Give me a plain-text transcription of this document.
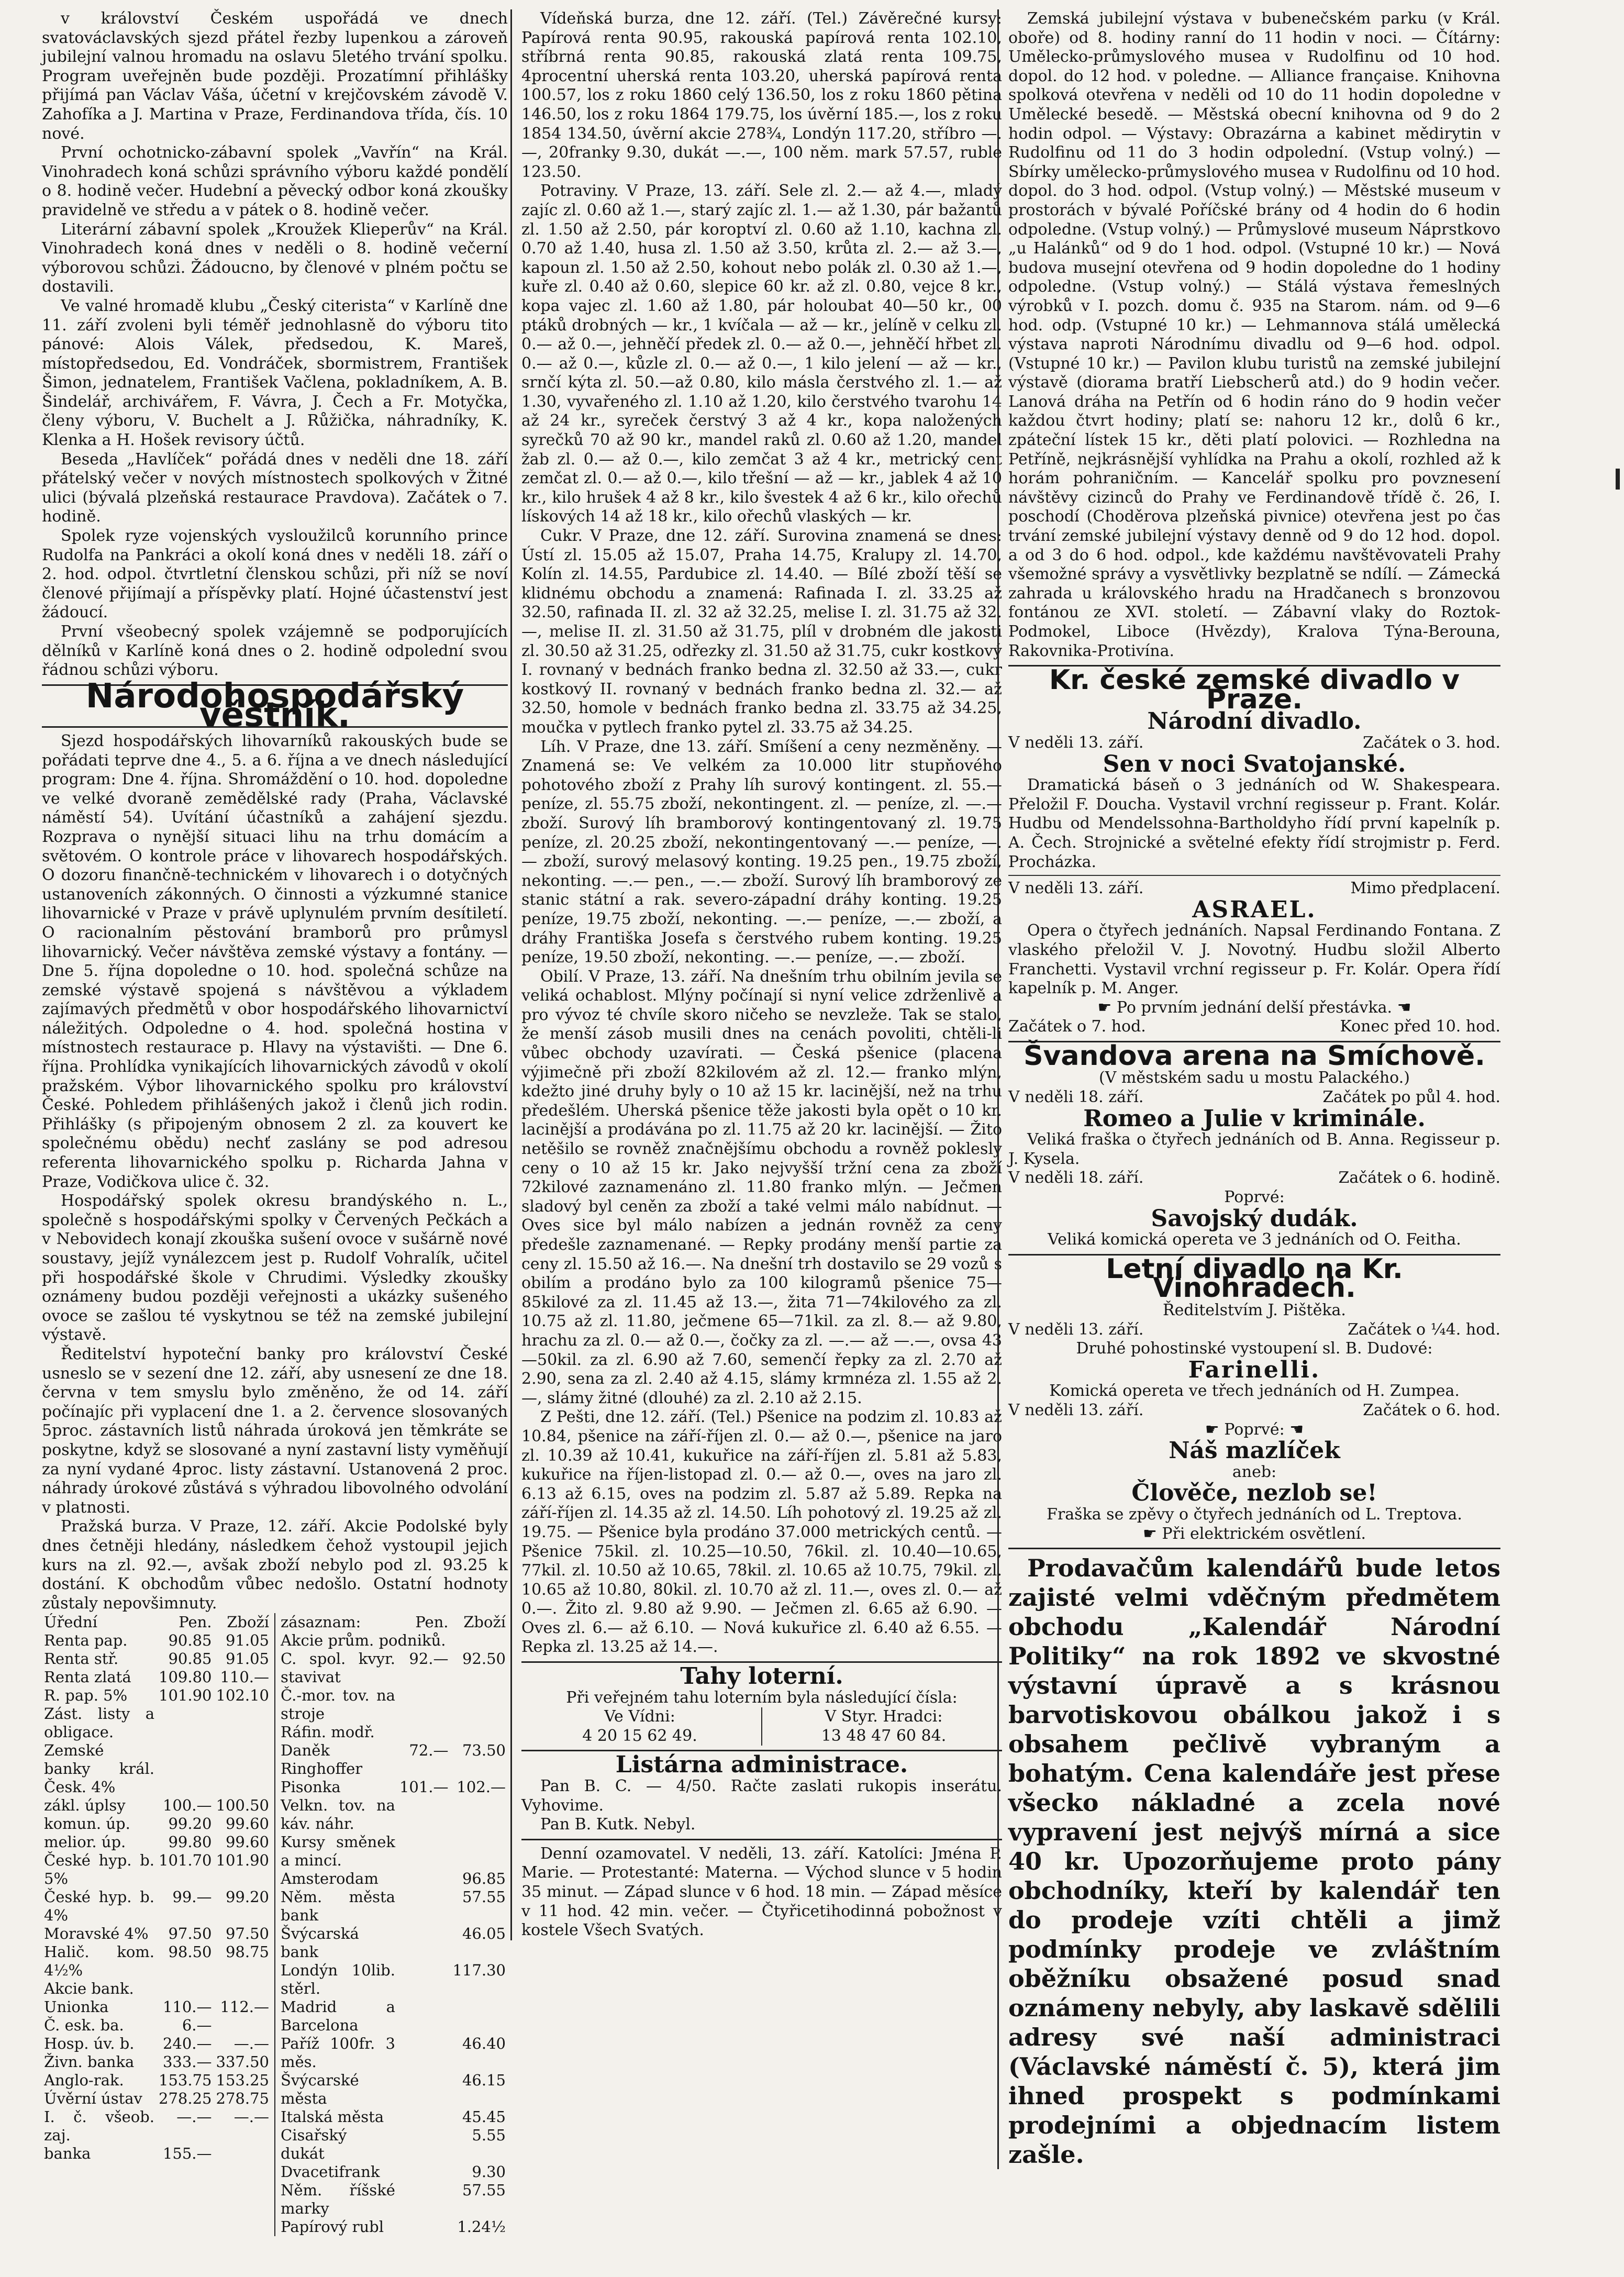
v království Českém uspořádá ve dnech svatováclavských sjezd přátel řezby lupenkou a zároveň jubilejní valnou hromadu na oslavu 5letého trvání spolku. Program uveřejněn bude později. Prozatímní přihlášky přijímá pan Václav Váša, účetní v krejčovském závodě V. Zahofíka a J. Martina v Praze, Ferdinandova třída, čís. 10 nové.

První ochotnicko-zábavní spolek „Vavřín“ na Král. Vinohradech koná schůzi správního výboru každé pondělí o 8. hodině večer. Hudební a pěvecký odbor koná zkoušky pravidelně ve středu a v pátek o 8. hodině večer.

Literární zábavní spolek „Kroužek Klieperův“ na Král. Vinohradech koná dnes v neděli o 8. hodině večerní výborovou schůzi. Žádoucno, by členové v plném počtu se dostavili.

Ve valné hromadě klubu „Český citerista“ v Karlíně dne 11. září zvoleni byli téměř jednohlasně do výboru tito pánové: Alois Válek, předsedou, K. Mareš, místopředsedou, Ed. Vondráček, sbormistrem, František Šimon, jednatelem, František Vačlena, pokladníkem, A. B. Šindelář, archivářem, F. Vávra, J. Čech a Fr. Motyčka, členy výboru, V. Buchelt a J. Růžička, náhradníky, K. Klenka a H. Hošek revisory účtů.

Beseda „Havlíček“ pořádá dnes v neděli dne 18. září přátelský večer v nových místnostech spolkových v Žitné ulici (bývalá plzeňská restaurace Pravdova). Začátek o 7. hodině.

Spolek ryze vojenských vysloužilců korunního prince Rudolfa na Pankráci a okolí koná dnes v neděli 18. září o 2. hod. odpol. čtvrtletní členskou schůzi, při níž se noví členové přijímají a příspěvky platí. Hojné účastenství jest žádoucí.

První všeobecný spolek vzájemně se podporujících dělníků v Karlíně koná dnes o 2. hodině odpolední svou řádnou schůzi výboru.

Národohospodářský věstník.

Sjezd hospodářských lihovarníků rakouských bude se pořádati teprve dne 4., 5. a 6. října a ve dnech následující program: Dne 4. října. Shromáždění o 10. hod. dopoledne ve velké dvoraně zemědělské rady (Praha, Václavské náměstí 54). Uvítání účastníků a zahájení sjezdu. Rozprava o nynější situaci lihu na trhu domácím a světovém. O kontrole práce v lihovarech hospodářských. O dozoru finančně-technickém v lihovarech i o dotyčných ustanoveních zákonných. O činnosti a výzkumné stanice lihovarnické v Praze v právě uplynulém prvním desítiletí. O racionalním pěstování bramborů pro průmysl lihovarnický. Večer návštěva zemské výstavy a fontány. — Dne 5. října dopoledne o 10. hod. společná schůze na zemské výstavě spojená s návštěvou a výkladem zajímavých předmětů v obor hospodářského lihovarnictví náležitých. Odpoledne o 4. hod. společná hostina v místnostech restaurace p. Hlavy na výstavišti. — Dne 6. října. Prohlídka vynikajících lihovarnických závodů v okolí pražském. Výbor lihovarnického spolku pro království České. Pohledem přihlášených jakož i členů jich rodin. Přihlášky (s připojeným obnosem 2 zl. za kouvert ke společnému obědu) nechť zaslány se pod adresou referenta lihovarnického spolku p. Richarda Jahna v Praze, Vodičkova ulice č. 32.

Hospodářský spolek okresu brandýského n. L., společně s hospodářskými spolky v Červených Pečkách a v Nebovidech konají zkouška sušení ovoce v sušárně nové soustavy, jejíž vynálezcem jest p. Rudolf Vohralík, učitel při hospodářské škole v Chrudimi. Výsledky zkoušky oznámeny budou později veřejnosti a ukázky sušeného ovoce se zašlou té vyskytnou se též na zemské jubilejní výstavě.

Ředitelství hypoteční banky pro království České usneslo se v sezení dne 12. září, aby usnesení ze dne 18. června v tem smyslu bylo změněno, že od 14. září počínajíc při vyplacení dne 1. a 2. července slosovaných 5proc. zástavních listů náhrada úroková jen těmkráte se poskytne, když se slosované a nyní zastavní listy vyměňují za nyní vydané 4proc. listy zástavní. Ustanovená 2 proc. náhrady úrokové zůstává s výhradou libovolného odvolání v platnosti.

Pražská burza. V Praze, 12. září. Akcie Podolské byly dnes četněji hledány, následkem čehož vystoupil jejich kurs na zl. 92.—, avšak zboží nebylo pod zl. 93.25 k dostání. K obchodům vůbec nedošlo. Ostatní hodnoty zůstaly nepovšimnuty.

Úřední	Pen.	Zboží
Renta pap.	90.85	91.05
Renta stř.	90.85	91.05
Renta zlatá	109.80	110.—
R. pap. 5%	101.90	102.10
Zást. listy a obligace.		
Zemské banky král. Česk. 4%		
zákl. úplsy	100.—	100.50
komun. úp.	99.20	99.60
melior. úp.	99.80	99.60
České hyp. b. 5%	101.70	101.90
České hyp. b. 4%	99.—	99.20
Moravské 4%	97.50	97.50
Halič. kom. 4½%	98.50	98.75
Akcie bank.		
Unionka	110.—	112.—
Č. esk. ba.	6.—	
Hosp. úv. b.	240.—	—.—
Živn. banka	333.—	337.50
Anglo-rak.	153.75	153.25
Úvěrní ústav	278.25	278.75
I. č. všeob. zaj.	—.—	—.—
banka	155.—	
zásaznam:	Pen.	Zboží
Akcie prům. podniků.		
C. spol. kvyr. stavivat	92.—	92.50
Č.-mor. tov. na stroje		
Ráfin. modř.		
Daněk	72.—	73.50
Ringhoffer		
Pisonka	101.—	102.—
Velkn. tov. na káv. náhr.		
Kursy směnek a mincí.		
Amsterodam		96.85
Něm. města bank		57.55
Švýcarská bank		46.05
Londýn 10lib. stěrl.		117.30
Madrid a Barcelona		
Paříž 100fr. 3 měs.		46.40
Švýcarské města		46.15
Italská města		45.45
Cisařský dukát		5.55
Dvacetifrank		9.30
Něm. říšské marky		57.55
Papírový rubl		1.24½

Vídeňská burza, dne 12. září. (Tel.) Závěrečné kursy: Papírová renta 90.95, rakouská papírová renta 102.10, stříbrná renta 90.85, rakouská zlatá renta 109.75, 4procentní uherská renta 103.20, uherská papírová renta 100.57, los z roku 1860 celý 136.50, los z roku 1860 pětina 146.50, los z roku 1864 179.75, los úvěrní 185.—, los z roku 1854 134.50, úvěrní akcie 278¾, Londýn 117.20, stříbro —.—, 20franky 9.30, dukát —.—, 100 něm. mark 57.57, ruble 123.50.

Potraviny. V Praze, 13. září. Sele zl. 2.— až 4.—, mladý zajíc zl. 0.60 až 1.—, starý zajíc zl. 1.— až 1.30, pár bažantů zl. 1.50 až 2.50, pár koroptví zl. 0.60 až 1.10, kachna zl. 0.70 až 1.40, husa zl. 1.50 až 3.50, krůta zl. 2.— až 3.—, kapoun zl. 1.50 až 2.50, kohout nebo polák zl. 0.30 až 1.—, kuře zl. 0.40 až 0.60, slepice 60 kr. až zl. 0.80, vejce 8 kr., kopa vajec zl. 1.60 až 1.80, pár holoubat 40—50 kr., 00 ptáků drobných — kr., 1 kvíčala — až — kr., jelíně v celku zl. 0.— až 0.—, jehněčí předek zl. 0.— až 0.—, jehněčí hřbet zl. 0.— až 0.—, kůzle zl. 0.— až 0.—, 1 kilo jelení — až — kr., srnčí kýta zl. 50.—až 0.80, kilo másla čerstvého zl. 1.— až 1.30, vyvařeného zl. 1.10 až 1.20, kilo čerstvého tvarohu 14 až 24 kr., syreček čerstvý 3 až 4 kr., kopa naložených syrečků 70 až 90 kr., mandel raků zl. 0.60 až 1.20, mandel žab zl. 0.— až 0.—, kilo zemčat 3 až 4 kr., metrický cent zemčat zl. 0.— až 0.—, kilo třešní — až — kr., jablek 4 až 10 kr., kilo hrušek 4 až 8 kr., kilo švestek 4 až 6 kr., kilo ořechů lískových 14 až 18 kr., kilo ořechů vlaských — kr.

Cukr. V Praze, dne 12. září. Surovina znamená se dnes: Ústí zl. 15.05 až 15.07, Praha 14.75, Kralupy zl. 14.70, Kolín zl. 14.55, Pardubice zl. 14.40. — Bílé zboží těší se klidnému obchodu a znamená: Rafinada I. zl. 33.25 až 32.50, rafinada II. zl. 32 až 32.25, melise I. zl. 31.75 až 32.—, melise II. zl. 31.50 až 31.75, plíl v drobném dle jakosti zl. 30.50 až 31.25, odřezky zl. 31.50 až 31.75, cukr kostkový I. rovnaný v bednách franko bedna zl. 32.50 až 33.—, cukr kostkový II. rovnaný v bednách franko bedna zl. 32.— až 32.50, homole v bednách franko bedna zl. 33.75 až 34.25, moučka v pytlech franko pytel zl. 33.75 až 34.25.

Líh. V Praze, dne 13. září. Smíšení a ceny nezměněny. — Znamená se: Ve velkém za 10.000 litr stupňového pohotového zboží z Prahy líh surový kontingent. zl. 55.— peníze, zl. 55.75 zboží, nekontingent. zl. — peníze, zl. —.— zboží. Surový líh bramborový kontingentovaný zl. 19.75 peníze, zl. 20.25 zboží, nekontingentovaný —.— peníze, —.— zboží, surový melasový konting. 19.25 pen., 19.75 zboží, nekonting. —.— pen., —.— zboží. Surový líh bramborový ze stanic státní a rak. severo-západní dráhy konting. 19.25 peníze, 19.75 zboží, nekonting. —.— peníze, —.— zboží, a dráhy Františka Josefa s čerstvého rubem konting. 19.25 peníze, 19.50 zboží, nekonting. —.— peníze, —.— zboží.

Obilí. V Praze, 13. září. Na dnešním trhu obilním jevila se veliká ochablost. Mlýny počínají si nyní velice zdrženlivě a pro vývoz té chvíle skoro ničeho se nevzleže. Tak se stalo, že menší zásob musili dnes na cenách povoliti, chtěli-li vůbec obchody uzavírati. — Česká pšenice (placena výjimečně při zboží 82kilovém až zl. 12.— franko mlýn, kdežto jiné druhy byly o 10 až 15 kr. lacinější, než na trhu předešlém. Uherská pšenice těže jakosti byla opět o 10 kr. lacinější a prodávána po zl. 11.75 až 20 kr. lacinější. — Žito netěšilo se rovněž značnějšímu obchodu a rovněž poklesly ceny o 10 až 15 kr. Jako nejvyšší tržní cena za zboží 72kilové zaznamenáno zl. 11.80 franko mlýn. — Ječmen sladový byl ceněn za zboží a také velmi málo nabídnut. — Oves sice byl málo nabízen a jednán rovněž za ceny předešle zaznamenané. — Repky prodány menší partie za ceny zl. 15.50 až 16.—. Na dnešní trh dostavilo se 29 vozů s obilím a prodáno bylo za 100 kilogramů pšenice 75—85kilové za zl. 11.45 až 13.—, žita 71—74kilového za zl. 10.75 až zl. 11.80, ječmene 65—71kil. za zl. 8.— až 9.80, hrachu za zl. 0.— až 0.—, čočky za zl. —.— až —.—, ovsa 43—50kil. za zl. 6.90 až 7.60, semenčí řepky za zl. 2.70 až 2.90, sena za zl. 2.40 až 4.15, slámy krmnéza zl. 1.55 až 2.—, slámy žitné (dlouhé) za zl. 2.10 až 2.15.

Z Pešti, dne 12. září. (Tel.) Pšenice na podzim zl. 10.83 až 10.84, pšenice na září-říjen zl. 0.— až 0.—, pšenice na jaro zl. 10.39 až 10.41, kukuřice na září-říjen zl. 5.81 až 5.83, kukuřice na říjen-listopad zl. 0.— až 0.—, oves na jaro zl. 6.13 až 6.15, oves na podzim zl. 5.87 až 5.89. Repka na září-říjen zl. 14.35 až zl. 14.50. Líh pohotový zl. 19.25 až zl. 19.75. — Pšenice byla prodáno 37.000 metrických centů. — Pšenice 75kil. zl. 10.25—10.50, 76kil. zl. 10.40—10.65, 77kil. zl. 10.50 až 10.65, 78kil. zl. 10.65 až 10.75, 79kil. zl. 10.65 až 10.80, 80kil. zl. 10.70 až zl. 11.—, oves zl. 0.— až 0.—. Žito zl. 9.80 až 9.90. — Ječmen zl. 6.65 až 6.90. — Oves zl. 6.— až 6.10. — Nová kukuřice zl. 6.40 až 6.55. — Repka zl. 13.25 až 14.—.

Tahy loterní.

Při veřejném tahu loterním byla následující čísla:

Ve Vídni:
4 20 15 62 49.
V Styr. Hradci:
13 48 47 60 84.
Listárna administrace.

Pan B. C. — 4/50. Račte zaslati rukopis inserátu. Vyhovime.

Pan B. Kutk. Nebyl.

Denní ozamovatel. V neděli, 13. září. Katolíci: Jména P. Marie. — Protestanté: Materna. — Východ slunce v 5 hodin 35 minut. — Západ slunce v 6 hod. 18 min. — Západ měsíce v 11 hod. 42 min. večer. — Čtyřicetihodinná pobožnost v kostele Všech Svatých.

Zemská jubilejní výstava v bubenečském parku (v Král. oboře) od 8. hodiny ranní do 11 hodin v noci. — Čítárny: Umělecko-průmyslového musea v Rudolfinu od 10 hod. dopol. do 12 hod. v poledne. — Alliance française. Knihovna spolková otevřena v neděli od 10 do 11 hodin dopoledne v Umělecké besedě. — Městská obecní knihovna od 9 do 2 hodin odpol. — Výstavy: Obrazárna a kabinet mědirytin v Rudolfinu od 11 do 3 hodin odpolední. (Vstup volný.) — Sbírky umělecko-průmyslového musea v Rudolfinu od 10 hod. dopol. do 3 hod. odpol. (Vstup volný.) — Městské museum v prostorách v bývalé Poříčské brány od 4 hodin do 6 hodin odpoledne. (Vstup volný.) — Průmyslové museum Náprstkovo „u Halánků“ od 9 do 1 hod. odpol. (Vstupné 10 kr.) — Nová budova musejní otevřena od 9 hodin dopoledne do 1 hodiny odpoledne. (Vstup volný.) — Stálá výstava řemeslných výrobků v I. pozch. domu č. 935 na Starom. nám. od 9—6 hod. odp. (Vstupné 10 kr.) — Lehmannova stálá umělecká výstava naproti Národnímu divadlu od 9—6 hod. odpol. (Vstupné 10 kr.) — Pavilon klubu turistů na zemské jubilejní výstavě (diorama bratří Liebscherů atd.) do 9 hodin večer. Lanová dráha na Petřín od 6 hodin ráno do 9 hodin večer každou čtvrt hodiny; platí se: nahoru 12 kr., dolů 6 kr., zpáteční lístek 15 kr., děti platí polovici. — Rozhledna na Petříně, nejkrásnější vyhlídka na Prahu a okolí, rozhled až k horám pohraničním. — Kancelář spolku pro povznesení návštěvy cizinců do Prahy ve Ferdinandově třídě č. 26, I. poschodí (Choděrova plzeňská pivnice) otevřena jest po čas trvání zemské jubilejní výstavy denně od 9 do 12 hod. dopol. a od 3 do 6 hod. odpol., kde každému navštěvovateli Prahy všemožné správy a vysvětlivky bezplatně se ndílí. — Zámecká zahrada u královského hradu na Hradčanech s bronzovou fontánou ze XVI. století. — Zábavní vlaky do Roztok-Podmokel, Liboce (Hvězdy), Kralova Týna-Berouna, Rakovnika-Protivína.

Kr. české zemské divadlo v Praze.
Národní divadlo.
V neděli 13. září.	Začátek o 3. hod.
Sen v noci Svatojanské.

Dramatická báseň o 3 jednáních od W. Shakespeara. Přeložil F. Doucha. Vystavil vrchní regisseur p. Frant. Kolár. Hudbu od Mendelssohna-Bartholdyho řídí první kapelník p. A. Čech. Strojnické a světelné efekty řídí strojmistr p. Ferd. Procházka.

V neděli 13. září.	Mimo předplacení.
ASRAEL.

Opera o čtyřech jednáních. Napsal Ferdinando Fontana. Z vlaského přeložil V. J. Novotný. Hudbu složil Alberto Franchetti. Vystavil vrchní regisseur p. Fr. Kolár. Opera řídí kapelník p. M. Anger.

☛ Po prvním jednání delší přestávka. ☚

Začátek o 7. hod.	Konec před 10. hod.
Švandova arena na Smíchově.

(V městském sadu u mostu Palackého.)

V neděli 18. září.	Začátek po půl 4. hod.
Romeo a Julie v kriminále.

Veliká fraška o čtyřech jednáních od B. Anna. Regisseur p. J. Kysela.

V neděli 18. září.	Začátek o 6. hodině.

Poprvé:

Savojský dudák.

Veliká komická opereta ve 3 jednáních od O. Feitha.

Letní divadlo na Kr. Vinohradech.

Ředitelstvím J. Pištěka.

V neděli 13. září.	Začátek o ¼4. hod.

Druhé pohostinské vystoupení sl. B. Dudové:

Farinelli.

Komická opereta ve třech jednáních od H. Zumpea.

V neděli 13. září.	Začátek o 6. hod.

☛ Poprvé: ☚

Náš mazlíček

aneb:

Člověče, nezlob se!

Fraška se zpěvy o čtyřech jednáních od L. Treptova.

☛ Při elektrickém osvětlení.

Prodavačům kalendářů bude letos zajisté velmi vděčným předmětem obchodu „Kalendář Národní Politiky“ na rok 1892 ve skvostné výstavní úpravě a s krásnou barvotiskovou obálkou jakož i s obsahem pečlivě vybraným a bohatým. Cena kalendáře jest přese všecko nákladné a zcela nové vypravení jest nejvýš mírná a sice 40 kr. Upozorňujeme proto pány obchodníky, kteří by kalendář ten do prodeje vzíti chtěli a jimž podmínky prodeje ve zvláštním oběžníku obsažené posud snad oznámeny nebyly, aby laskavě sdělili adresy své naší administraci (Václavské náměstí č. 5), která jim ihned prospekt s podmínkami prodejními a objednacím listem zašle.
